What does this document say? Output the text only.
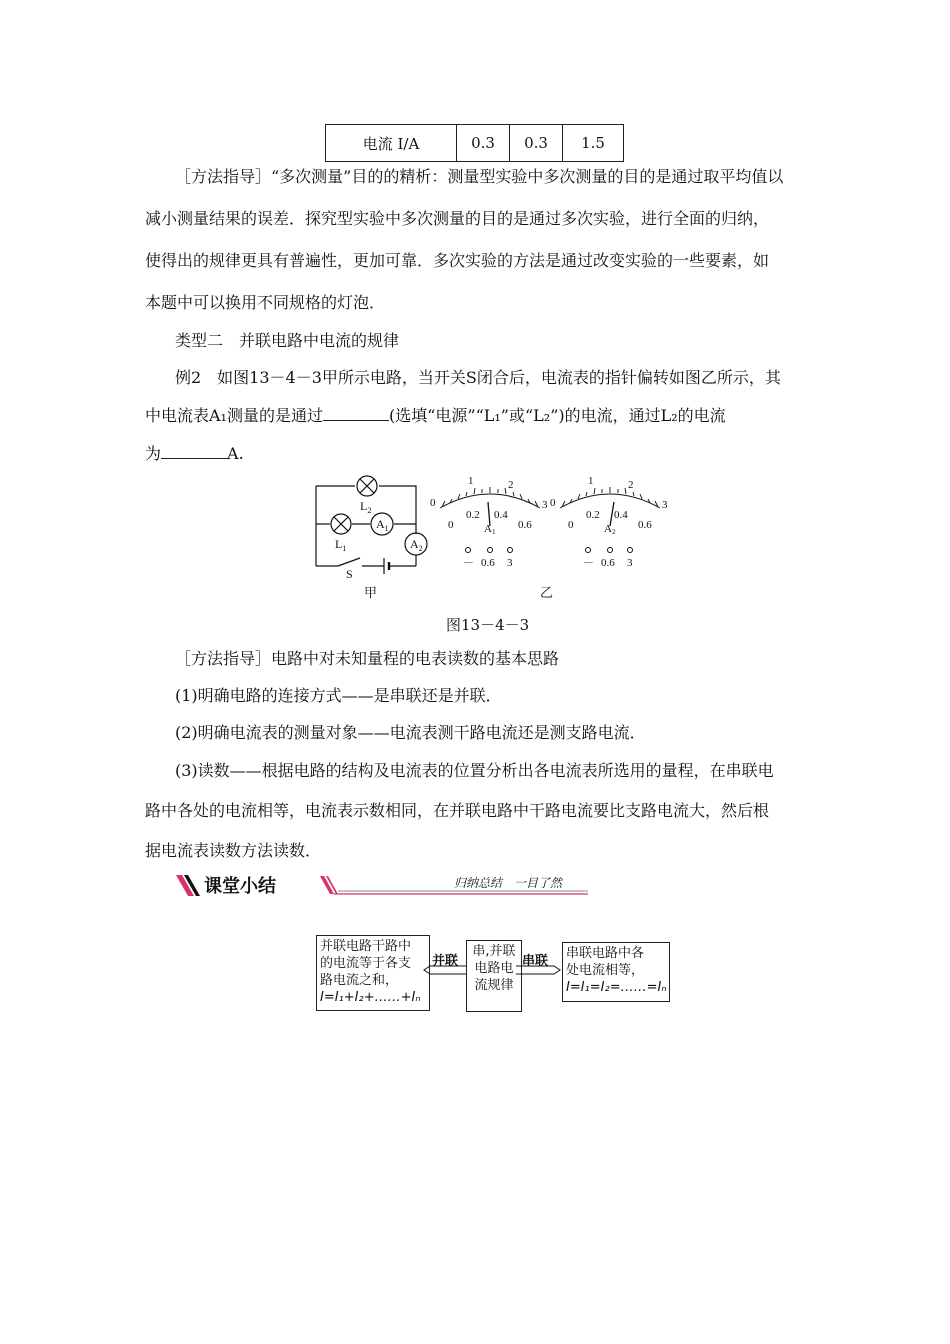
电流 I/A	0.3	0.3	1.5
［方法指导］“多次测量”目的的精析：测量型实验中多次测量的目的是通过取平均值以
减小测量结果的误差．探究型实验中多次测量的目的是通过多次实验，进行全面的归纳，
使得出的规律更具有普遍性，更加可靠．多次实验的方法是通过改变实验的一些要素，如
本题中可以换用不同规格的灯泡．
类型二　并联电路中电流的规律
例2　如图13－4－3甲所示电路，当开关S闭合后，电流表的指针偏转如图乙所示，其
中电流表A₁测量的是通过	(选填“电源”“L₁”或“L₂”)的电流，通过L₂的电流
为	A.
$L_2$
$L_1$
$A_1$
$A_2$
S
0
1	2
3
0
0.2 0.4
0.6
A1
－ 0.6 3
0
1	2
3
0
0.2 0.4
0.6
A2
－ 0.6 3
甲	乙
图13－4－3
［方法指导］电路中对未知量程的电表读数的基本思路
(1)明确电路的连接方式——是串联还是并联．
(2)明确电流表的测量对象——电流表测干路电流还是测支路电流．
(3)读数——根据电路的结构及电流表的位置分析出各电流表所选用的量程，在串联电
路中各处的电流相等，电流表示数相同，在并联电路中干路电流要比支路电流大，然后根
据电流表读数方法读数．
课堂小结	归纳总结　一目了然
并联电路干路中
的电流等于各支
路电流之和，
I=I₁+I₂+……+Iₙ
串,并联
电路电
流规律
串联电路中各
处电流相等，
I=I₁=I₂=……=Iₙ
并联	串联
